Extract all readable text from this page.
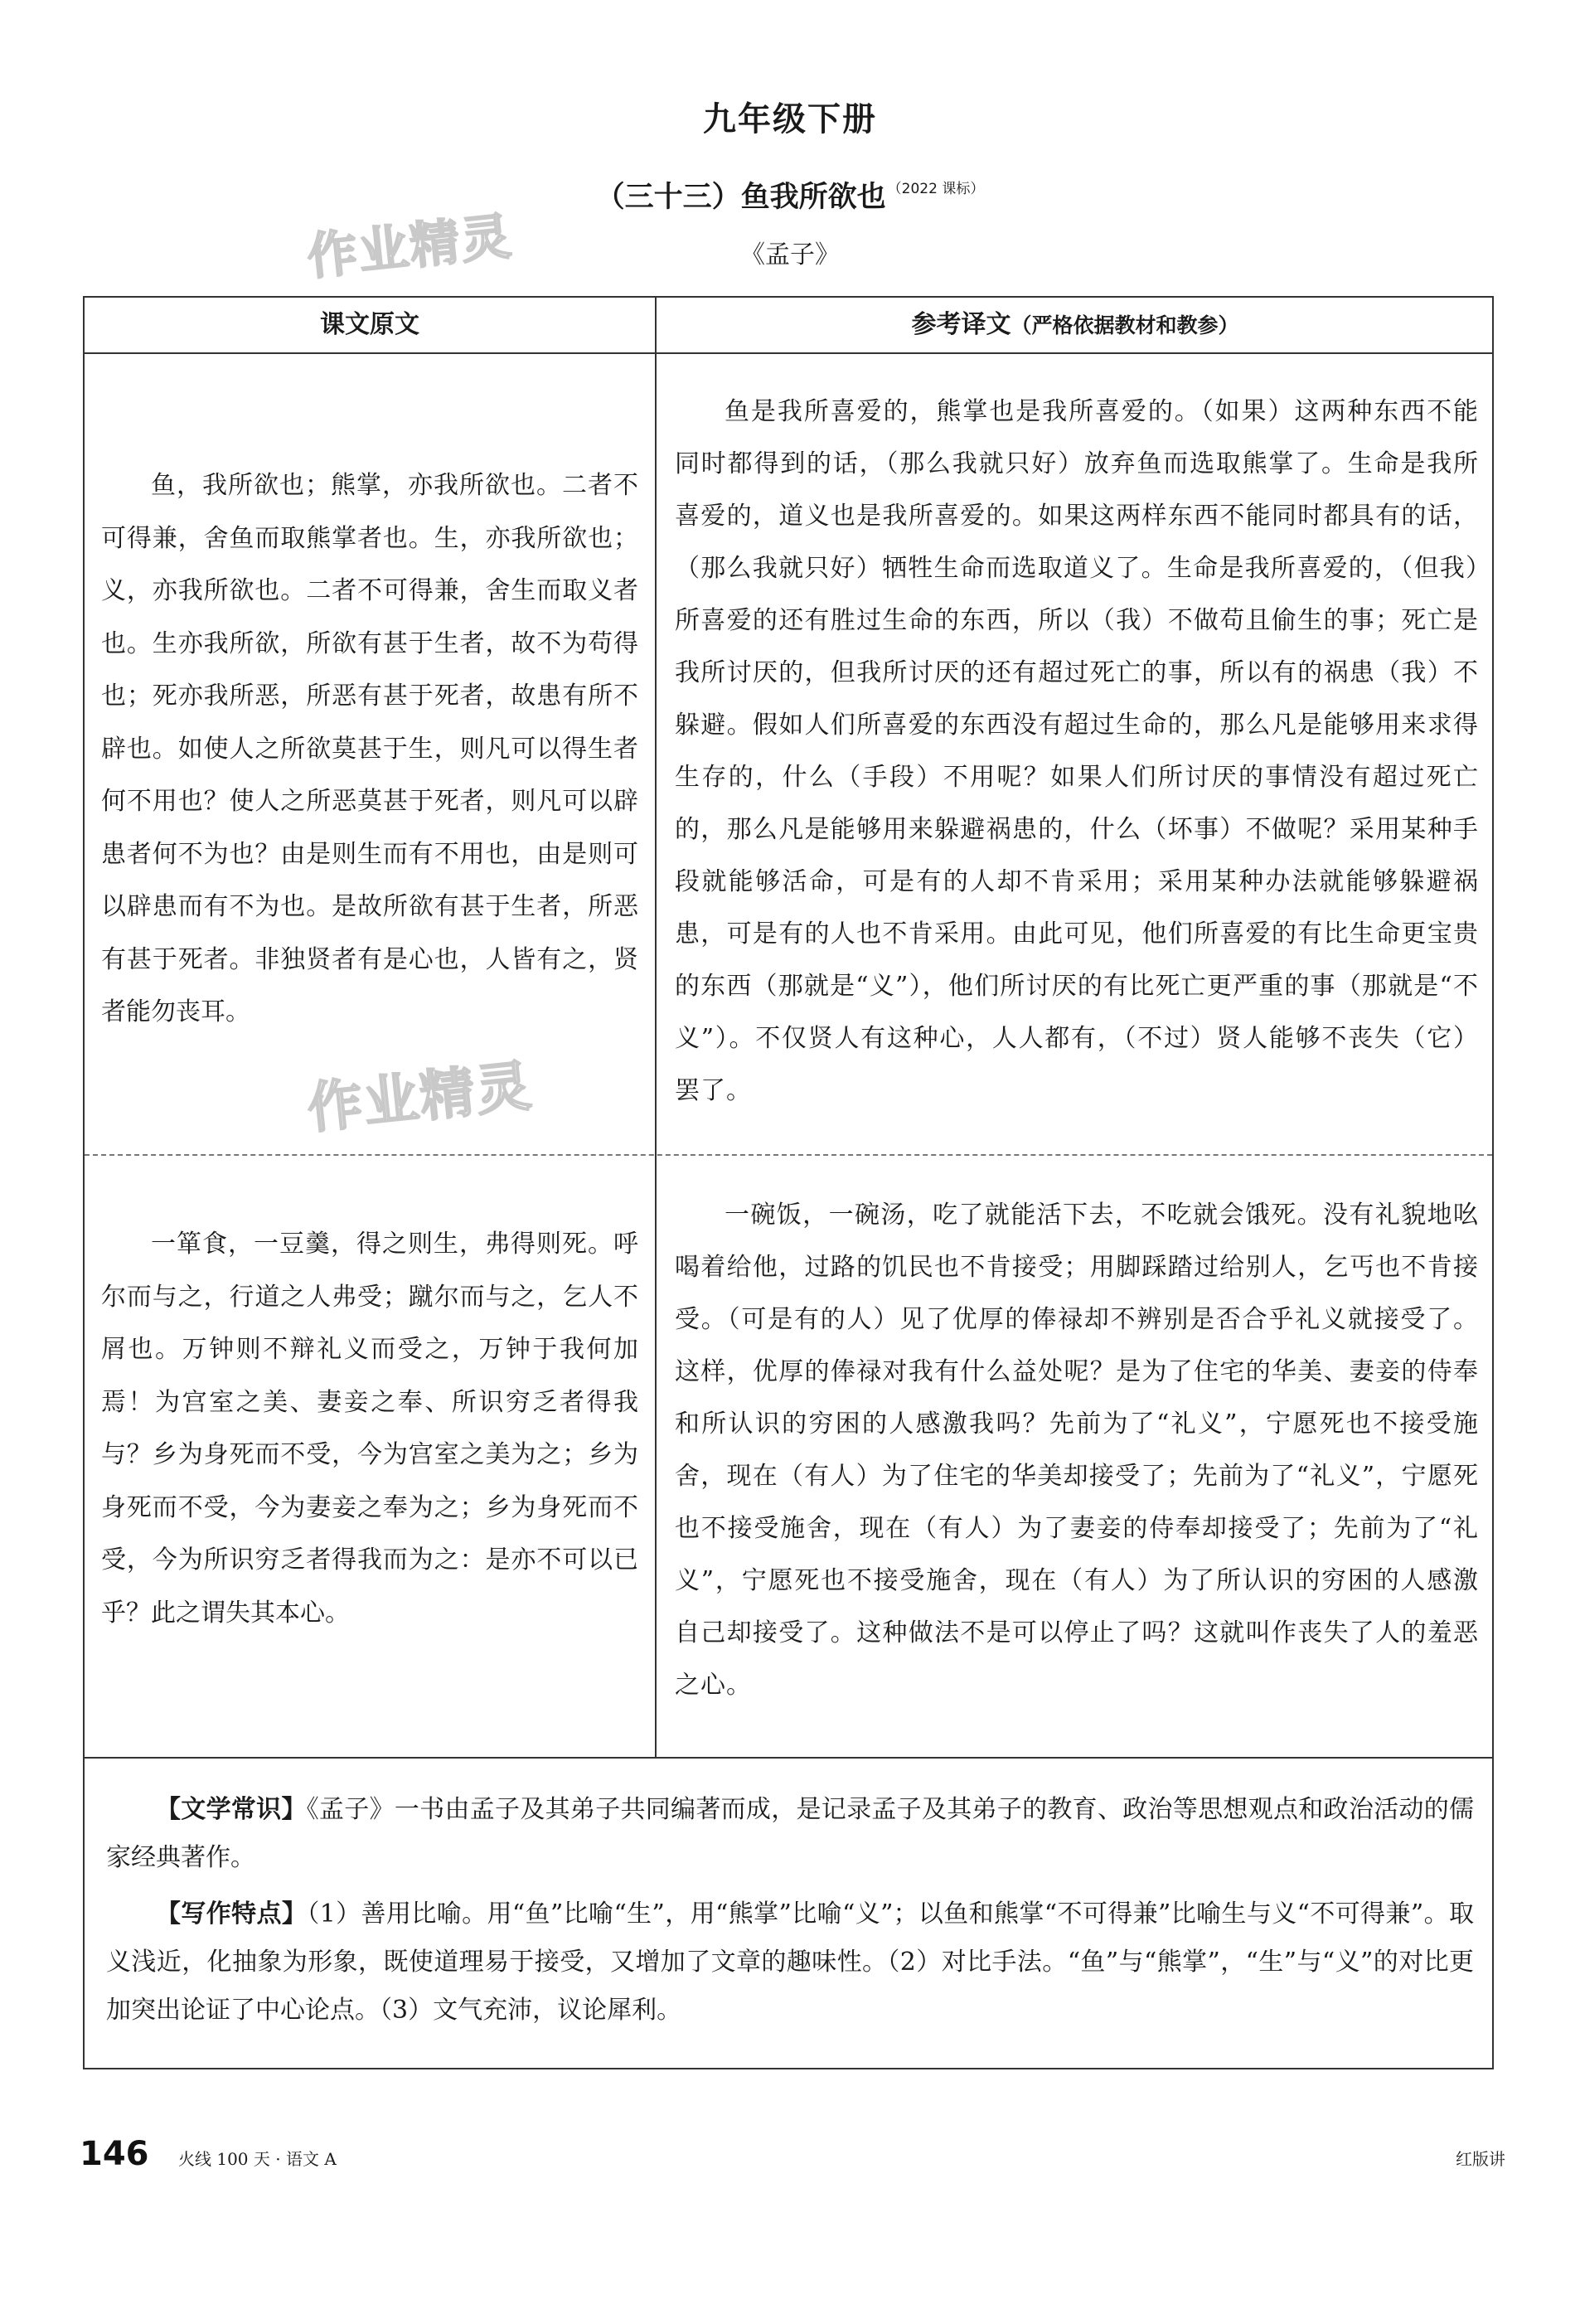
九年级下册
（三十三）鱼我所欲也 $^{(2022 课标)}$
《孟子》
课文原文	参考译文（严格依据教材和教参）
鱼，我所欲也；熊掌，亦我所欲也。二者不可得兼，舍鱼而取熊掌者也。生，亦我所欲也；义，亦我所欲也。二者不可得兼，舍生而取义者也。生亦我所欲，所欲有甚于生者，故不为苟得也；死亦我所恶，所恶有甚于死者，故患有所不辟也。如使人之所欲莫甚于生，则凡可以得生者何不用也？使人之所恶莫甚于死者，则凡可以辟患者何不为也？由是则生而有不用也，由是则可以辟患而有不为也。是故所欲有甚于生者，所恶有甚于死者。非独贤者有是心也，人皆有之，贤者能勿丧耳。
鱼是我所喜爱的，熊掌也是我所喜爱的。（如果）这两种东西不能同时都得到的话，（那么我就只好）放弃鱼而选取熊掌了。生命是我所喜爱的，道义也是我所喜爱的。如果这两样东西不能同时都具有的话，（那么我就只好）牺牲生命而选取道义了。生命是我所喜爱的，（但我）所喜爱的还有胜过生命的东西，所以（我）不做苟且偷生的事；死亡是我所讨厌的，但我所讨厌的还有超过死亡的事，所以有的祸患（我）不躲避。假如人们所喜爱的东西没有超过生命的，那么凡是能够用来求得生存的，什么（手段）不用呢？如果人们所讨厌的事情没有超过死亡的，那么凡是能够用来躲避祸患的，什么（坏事）不做呢？采用某种手段就能够活命，可是有的人却不肯采用；采用某种办法就能够躲避祸患，可是有的人也不肯采用。由此可见，他们所喜爱的有比生命更宝贵的东西（那就是“义”），他们所讨厌的有比死亡更严重的事（那就是“不义”）。不仅贤人有这种心，人人都有，（不过）贤人能够不丧失（它）罢了。
一箪食，一豆羹，得之则生，弗得则死。呼尔而与之，行道之人弗受；蹴尔而与之，乞人不屑也。万钟则不辩礼义而受之，万钟于我何加焉！为宫室之美、妻妾之奉、所识穷乏者得我与？乡为身死而不受，今为宫室之美为之；乡为身死而不受，今为妻妾之奉为之；乡为身死而不受，今为所识穷乏者得我而为之：是亦不可以已乎？此之谓失其本心。
一碗饭，一碗汤，吃了就能活下去，不吃就会饿死。没有礼貌地吆喝着给他，过路的饥民也不肯接受；用脚踩踏过给别人，乞丐也不肯接受。（可是有的人）见了优厚的俸禄却不辨别是否合乎礼义就接受了。这样，优厚的俸禄对我有什么益处呢？是为了住宅的华美、妻妾的侍奉和所认识的穷困的人感激我吗？先前为了“礼义”，宁愿死也不接受施舍，现在（有人）为了住宅的华美却接受了；先前为了“礼义”，宁愿死也不接受施舍，现在（有人）为了妻妾的侍奉却接受了；先前为了“礼义”，宁愿死也不接受施舍，现在（有人）为了所认识的穷困的人感激自己却接受了。这种做法不是可以停止了吗？这就叫作丧失了人的羞恶之心。

【文学常识】《孟子》一书由孟子及其弟子共同编著而成，是记录孟子及其弟子的教育、政治等思想观点和政治活动的儒家经典著作。

【写作特点】（1）善用比喻。用“鱼”比喻“生”，用“熊掌”比喻“义”；以鱼和熊掌“不可得兼”比喻生与义“不可得兼”。取义浅近，化抽象为形象，既使道理易于接受，又增加了文章的趣味性。（2）对比手法。“鱼”与“熊掌”，“生”与“义”的对比更加突出论证了中心论点。（3）文气充沛，议论犀利。

作业精灵
作业精灵
146 火线 100 天 · 语文 A	红版讲
